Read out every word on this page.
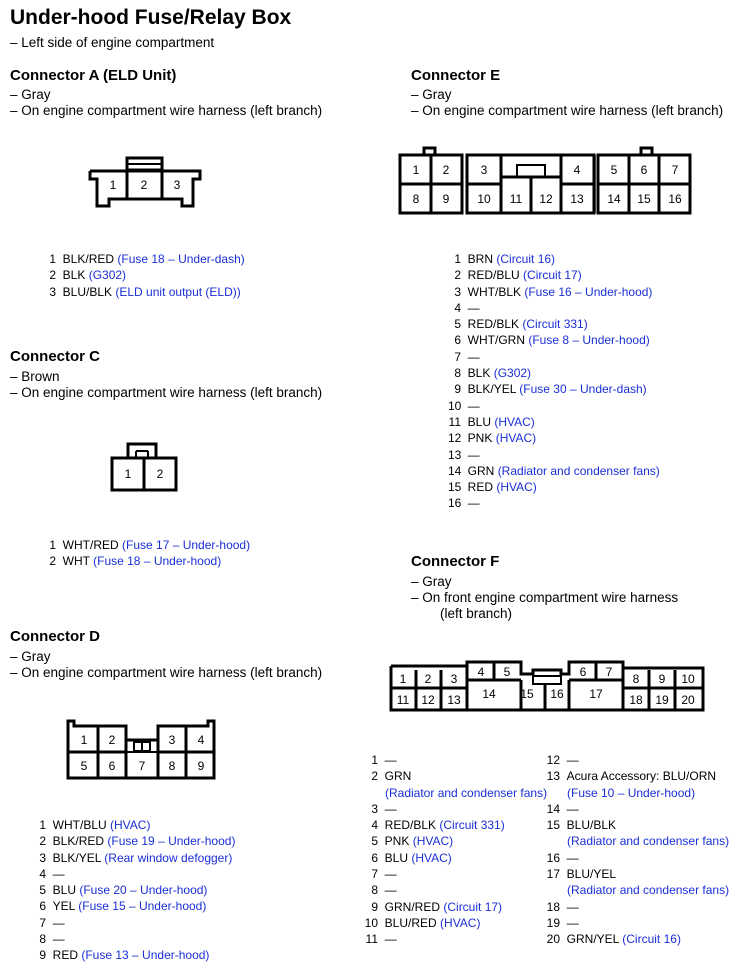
Under-hood Fuse/Relay Box
– Left side of engine compartment
Connector A (ELD Unit)
– Gray
– On engine compartment wire harness (left branch)
1 2 3
1 BLK/RED (Fuse 18 – Under-dash)
2 BLK (G302)
3 BLU/BLK (ELD unit output (ELD))
Connector C
– Brown
– On engine compartment wire harness (left branch)
1 2
1 WHT/RED (Fuse 17 – Under-hood)
2 WHT (Fuse 18 – Under-hood)
Connector D
– Gray
– On engine compartment wire harness (left branch)
1 2	3 4
5 6 7 8 9
1 WHT/BLU (HVAC)
2 BLK/RED (Fuse 19 – Under-hood)
3 BLK/YEL (Rear window defogger)
4 —
5 BLU (Fuse 20 – Under-hood)
6 YEL (Fuse 15 – Under-hood)
7 —
8 —
9 RED (Fuse 13 – Under-hood)
Connector E
– Gray
– On engine compartment wire harness (left branch)
1 2	3	4	5 6 7
8 9 10 11 12 13 14 15 16
1 BRN (Circuit 16)
2 RED/BLU (Circuit 17)
3 WHT/BLK (Fuse 16 – Under-hood)
4 —
5 RED/BLK (Circuit 331)
6 WHT/GRN (Fuse 8 – Under-hood)
7 —
8 BLK (G302)
9 BLK/YEL (Fuse 30 – Under-dash)
10 —
11 BLU (HVAC)
12 PNK (HVAC)
13 —
14 GRN (Radiator and condenser fans)
15 RED (HVAC)
16 —
Connector F
– Gray
– On front engine compartment wire harness
(left branch)
1 2 3 4 5	6 7 8 9 10
11 12 13 14 15 16 17 18 19 20
1 —
2 GRN
(Radiator and condenser fans)
3 —
4 RED/BLK (Circuit 331)
5 PNK (HVAC)
6 BLU (HVAC)
7 —
8 —
9 GRN/RED (Circuit 17)
10 BLU/RED (HVAC)
11 —
12 —
13 Acura Accessory: BLU/ORN
(Fuse 10 – Under-hood)
14 —
15 BLU/BLK
(Radiator and condenser fans)
16 —
17 BLU/YEL
(Radiator and condenser fans)
18 —
19 —
20 GRN/YEL (Circuit 16)
